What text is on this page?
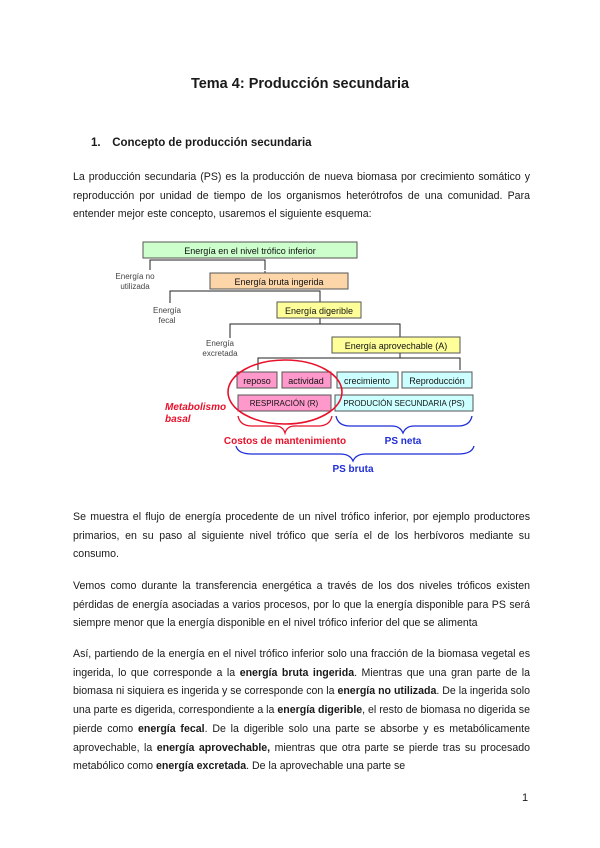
Tema 4: Producción secundaria
1. Concepto de producción secundaria
La producción secundaria (PS) es la producción de nueva biomasa por crecimiento somático y reproducción por unidad de tiempo de los organismos heterótrofos de una comunidad. Para entender mejor este concepto, usaremos el siguiente esquema:
Energía en el nivel trófico inferior
Energía bruta ingerida
Energía digerible
Energía aprovechable (A)
reposo actividad crecimiento Reproducción
RESPIRACIÓN (R)	PRODUCIÓN SECUNDARIA (PS)
Energía no
utilizada
Energía
fecal
Energía
excretada
Metabolismo
basal
Costos de mantenimiento	PS neta
PS bruta
Se muestra el flujo de energía procedente de un nivel trófico inferior, por ejemplo productores primarios, en su paso al siguiente nivel trófico que sería el de los herbívoros mediante su consumo.
Vemos como durante la transferencia energética a través de los dos niveles tróficos existen pérdidas de energía asociadas a varios procesos, por lo que la energía disponible para PS será siempre menor que la energía disponible en el nivel trófico inferior del que se alimenta
Así, partiendo de la energía en el nivel trófico inferior solo una fracción de la biomasa vegetal es ingerida, lo que corresponde a la energía bruta ingerida. Mientras que una gran parte de la biomasa ni siquiera es ingerida y se corresponde con la energía no utilizada. De la ingerida solo una parte es digerida, correspondiente a la energía digerible, el resto de biomasa no digerida se pierde como energía fecal. De la digerible solo una parte se absorbe y es metabólicamente aprovechable, la energía aprovechable, mientras que otra parte se pierde tras su procesado metabólico como energía excretada. De la aprovechable una parte se
1
